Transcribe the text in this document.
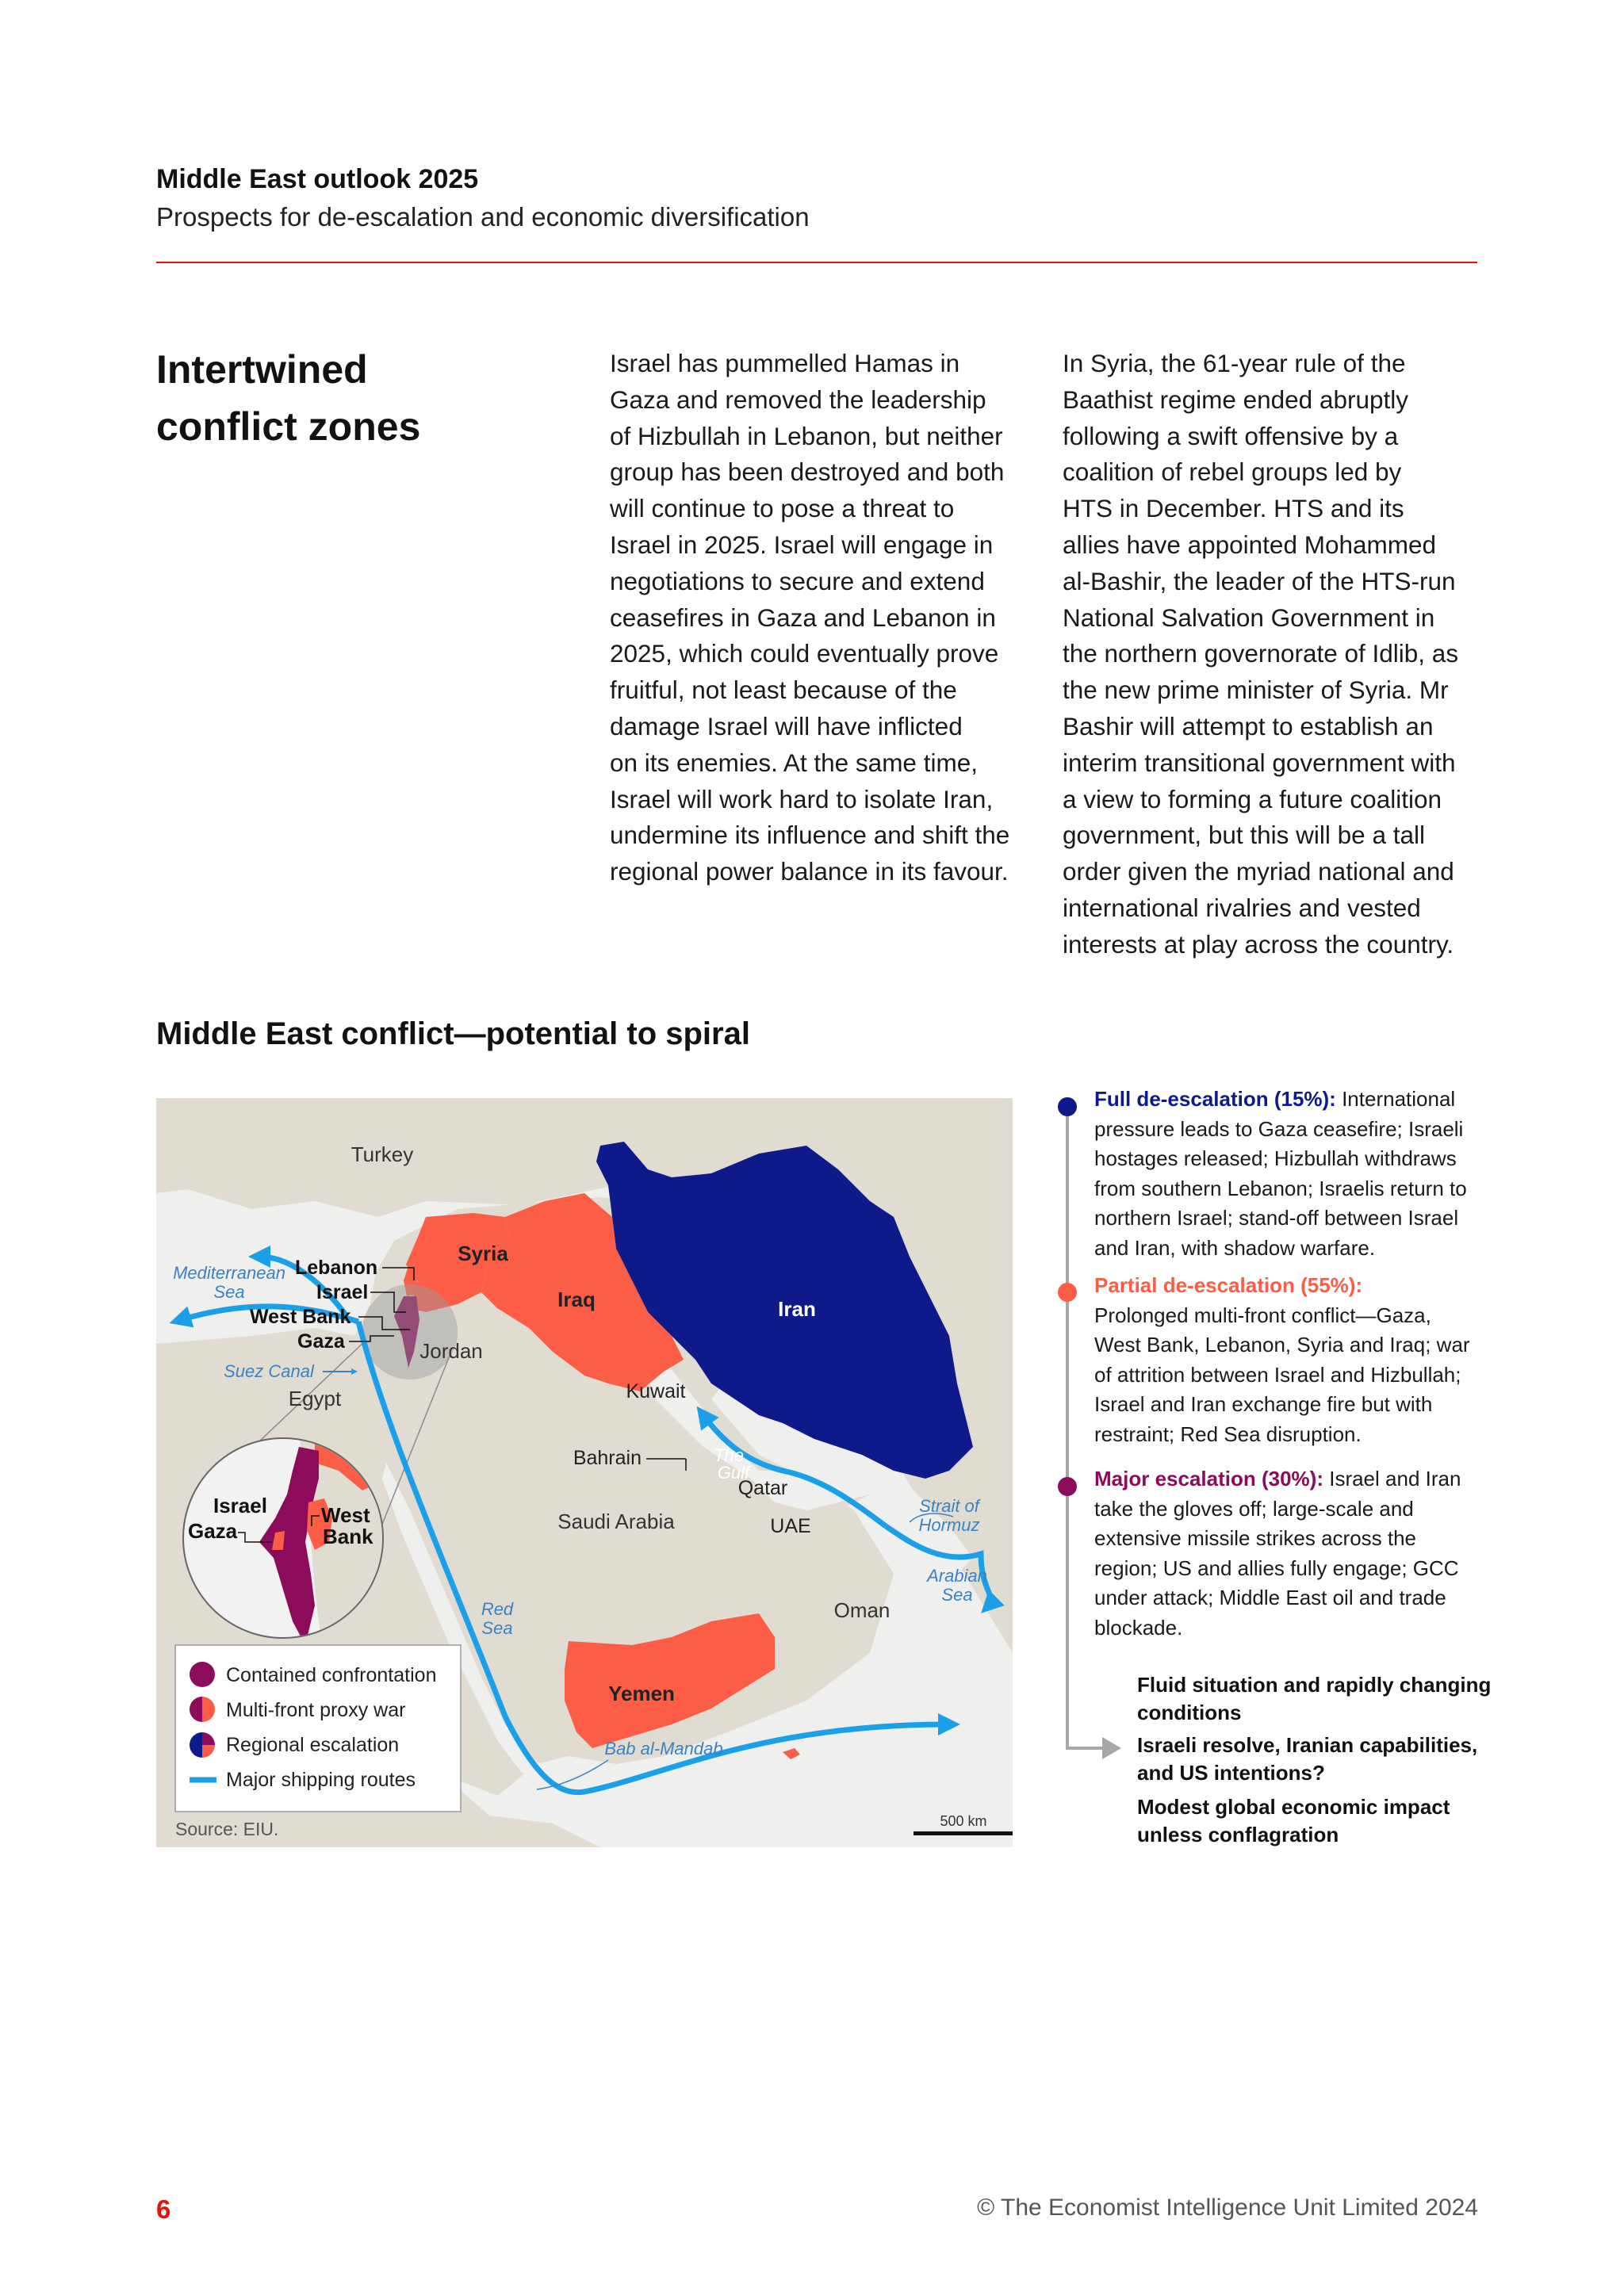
Middle East outlook 2025
Prospects for de-escalation and economic diversification
Intertwined
conflict zones
Israel has pummelled Hamas in
Gaza and removed the leadership
of Hizbullah in Lebanon, but neither
group has been destroyed and both
will continue to pose a threat to
Israel in 2025. Israel will engage in
negotiations to secure and extend
ceasefires in Gaza and Lebanon in
2025, which could eventually prove
fruitful, not least because of the
damage Israel will have inflicted
on its enemies. At the same time,
Israel will work hard to isolate Iran,
undermine its influence and shift the
regional power balance in its favour.
In Syria, the 61-year rule of the
Baathist regime ended abruptly
following a swift offensive by a
coalition of rebel groups led by
HTS in December. HTS and its
allies have appointed Mohammed
al-Bashir, the leader of the HTS-run
National Salvation Government in
the northern governorate of Idlib, as
the new prime minister of Syria. Mr
Bashir will attempt to establish an
interim transitional government with
a view to forming a future coalition
government, but this will be a tall
order given the myriad national and
international rivalries and vested
interests at play across the country.
Middle East conflict—potential to spiral
Turkey
Syria
Iraq	Iran
Lebanon
Israel
West Bank
Gaza	Jordan
Egypt	Kuwait
Bahrain
Qatar
UAE
Saudi Arabia
Oman
Yemen
Mediterranean
Sea
Suez Canal
The
Gulf
Strait of
Hormuz
Arabian
Sea
Red
Sea
Bab al-Mandab
Israel
Gaza
West
Bank
Contained confrontation
Multi-front proxy war
Regional escalation
Major shipping routes
Source: EIU.	500 km
Full de-escalation (15%): International pressure leads to Gaza ceasefire; Israeli hostages released; Hizbullah withdraws from southern Lebanon; Israelis return to northern Israel; stand-off between Israel and Iran, with shadow warfare.
Partial de-escalation (55%):
Prolonged multi-front conflict—Gaza, West Bank, Lebanon, Syria and Iraq; war of attrition between Israel and Hizbullah; Israel and Iran exchange fire but with restraint; Red Sea disruption.
Major escalation (30%): Israel and Iran take the gloves off; large-scale and extensive missile strikes across the region; US and allies fully engage; GCC under attack; Middle East oil and trade blockade.
Fluid situation and rapidly changing conditions
Israeli resolve, Iranian capabilities, and US intentions?
Modest global economic impact unless conflagration
6	© The Economist Intelligence Unit Limited 2024
